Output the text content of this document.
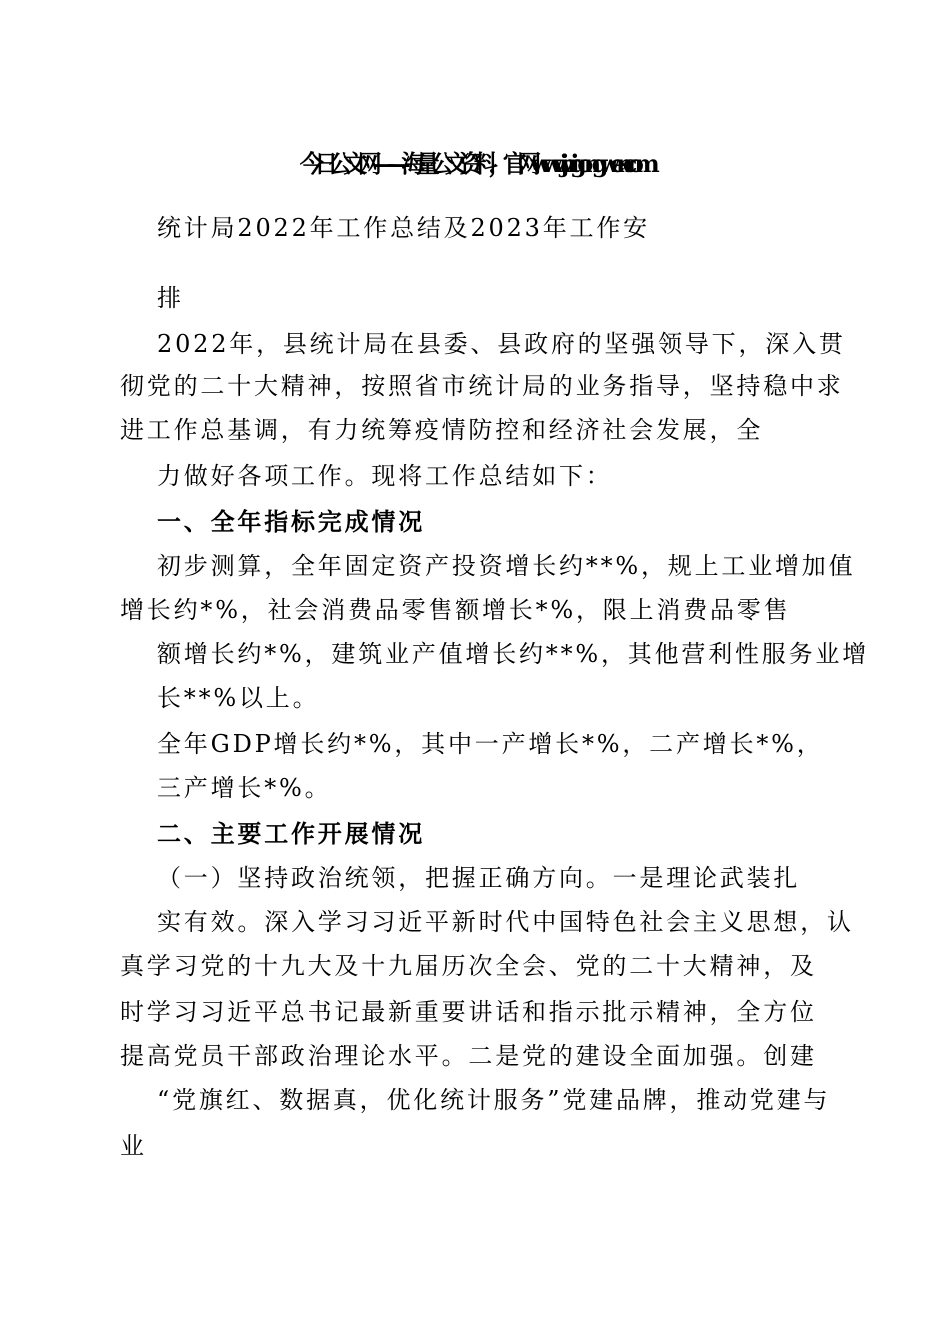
今日公文网——海量公文资料，官网 www.jinrigongwen.com
统计局2022年工作总结及2023年工作安
排
2022年，县统计局在县委、县政府的坚强领导下，深入贯
彻党的二十大精神，按照省市统计局的业务指导，坚持稳中求
进工作总基调，有力统筹疫情防控和经济社会发展，全
力做好各项工作。现将工作总结如下：
一、全年指标完成情况
初步测算，全年固定资产投资增长约**%，规上工业增加值
增长约*%，社会消费品零售额增长*%，限上消费品零售
额增长约*%，建筑业产值增长约**%，其他营利性服务业增
长**%以上。
全年GDP增长约*%，其中一产增长*%，二产增长*%，
三产增长*%。
二、主要工作开展情况
（一）坚持政治统领，把握正确方向。一是理论武装扎
实有效。深入学习习近平新时代中国特色社会主义思想，认
真学习党的十九大及十九届历次全会、党的二十大精神，及
时学习习近平总书记最新重要讲话和指示批示精神，全方位
提高党员干部政治理论水平。二是党的建设全面加强。创建
“党旗红、数据真，优化统计服务”党建品牌，推动党建与
业
